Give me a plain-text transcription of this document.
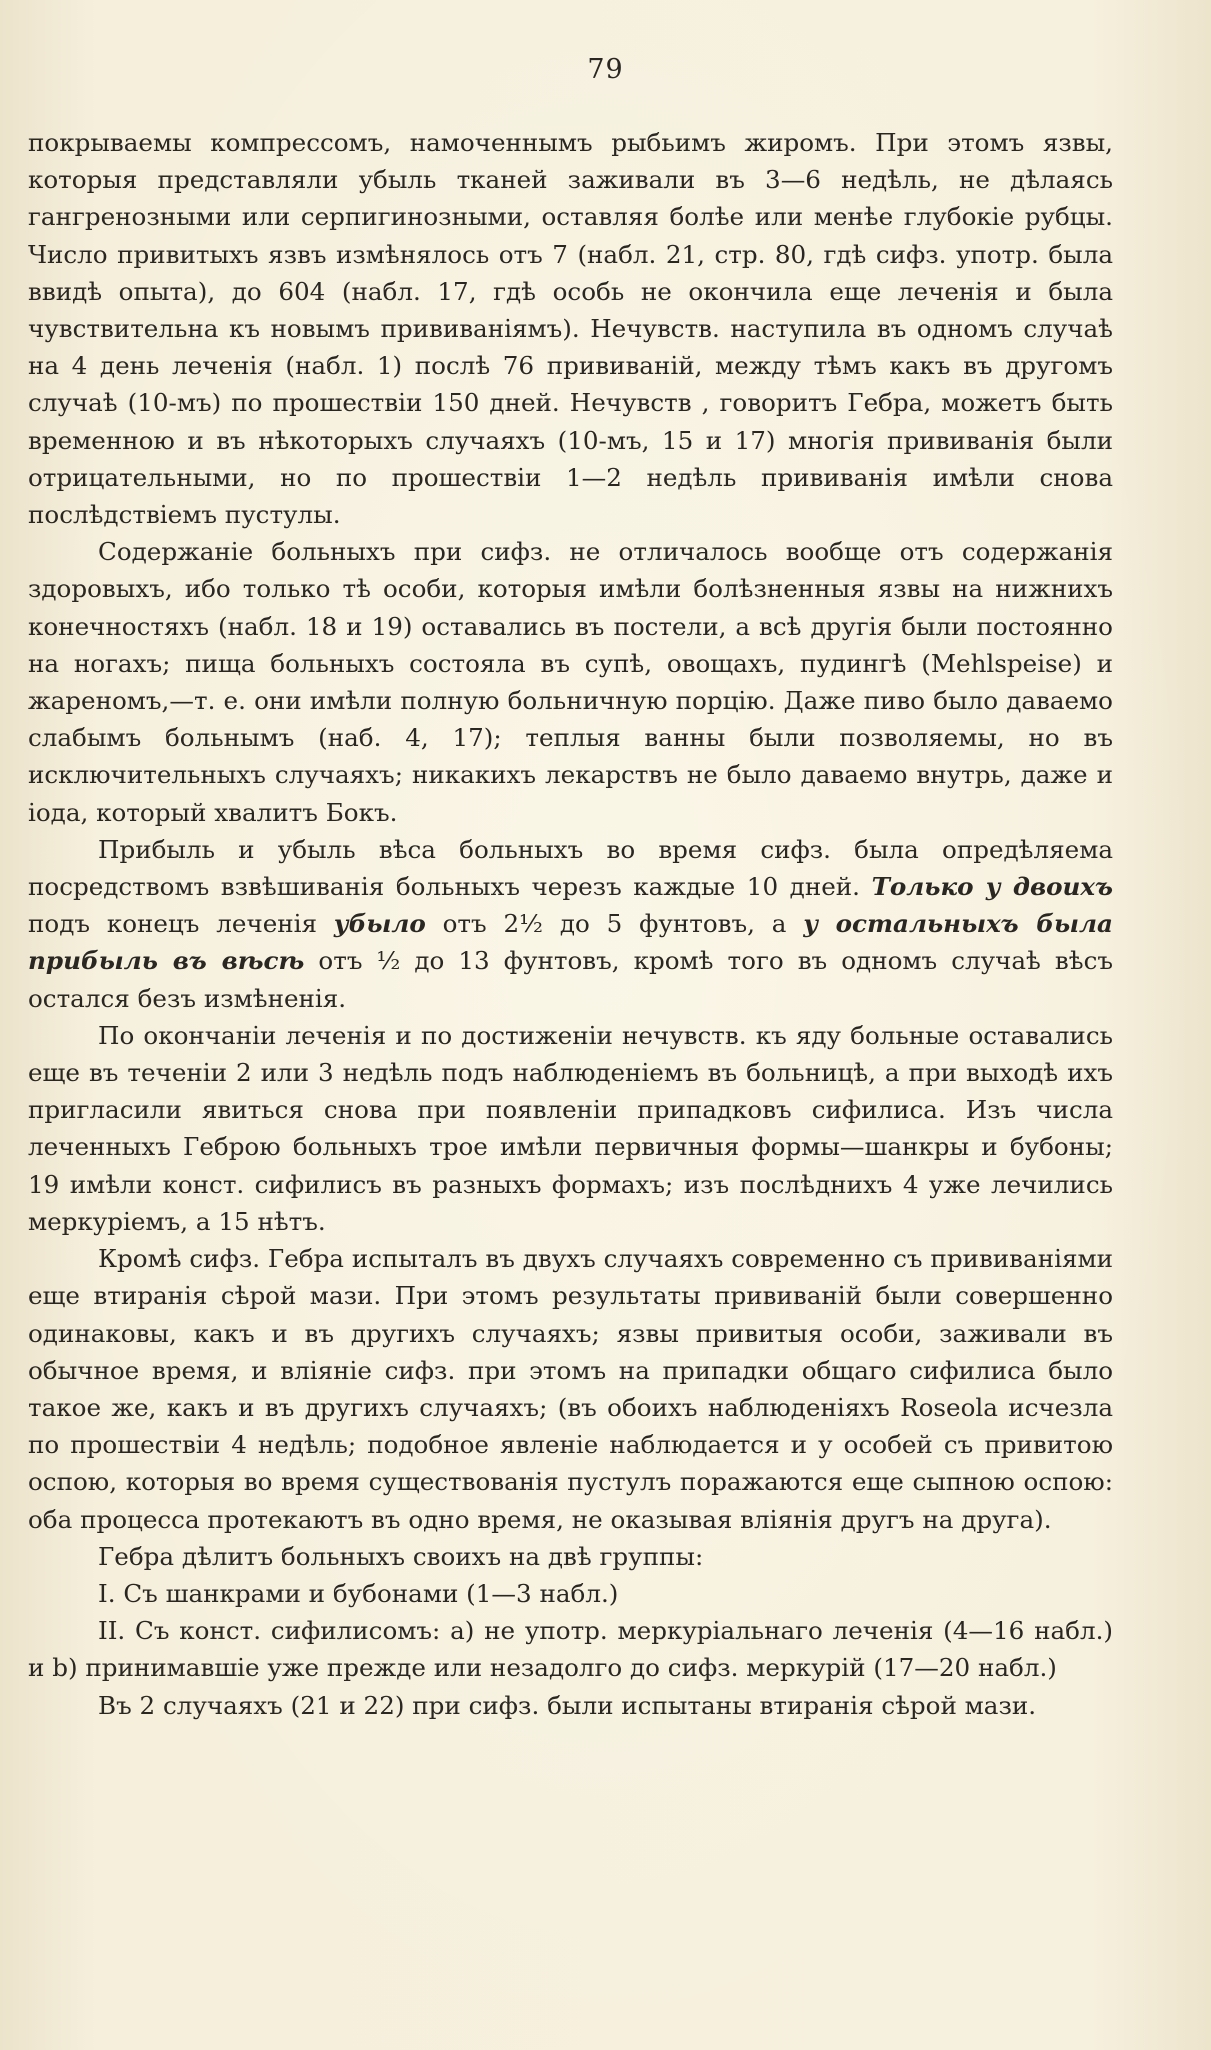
79

покрываемы компрессомъ, намоченнымъ рыбьимъ жиромъ. При этомъ язвы, которыя представляли убыль тканей заживали въ 3—6 недѣль, не дѣлаясь гангренозными или серпигинозными, оставляя болѣе или менѣе глубокіе рубцы. Число привитыхъ язвъ измѣнялось отъ 7 (набл. 21, стр. 80, гдѣ сифз. употр. была ввидѣ опыта), до 604 (набл. 17, гдѣ особь не окончила еще леченія и была чувствительна къ новымъ прививаніямъ). Нечувств. наступила въ одномъ случаѣ на 4 день леченія (набл. 1) послѣ 76 прививаній, между тѣмъ какъ въ другомъ случаѣ (10-мъ) по прошествіи 150 дней. Нечувств , говоритъ Гебра, можетъ быть временною и въ нѣкоторыхъ случаяхъ (10-мъ, 15 и 17) многія прививанія были отрицательными, но по прошествіи 1—2 недѣль прививанія имѣли снова послѣдствіемъ пустулы.

Содержаніе больныхъ при сифз. не отличалось вообще отъ содержанія здоровыхъ, ибо только тѣ особи, которыя имѣли болѣзненныя язвы на нижнихъ конечностяхъ (набл. 18 и 19) оставались въ постели, а всѣ другія были постоянно на ногахъ; пища больныхъ состояла въ супѣ, овощахъ, пудингѣ (Mehlspeise) и жареномъ,—т. е. они имѣли полную больничную порцію. Даже пиво было даваемо слабымъ больнымъ (наб. 4, 17); теплыя ванны были позволяемы, но въ исключительныхъ случаяхъ; никакихъ лекарствъ не было даваемо внутрь, даже и іода, который хвалитъ Бокъ.

Прибыль и убыль вѣса больныхъ во время сифз. была опредѣляема посредствомъ взвѣшиванія больныхъ черезъ каждые 10 дней. Только у двоихъ подъ конецъ леченія убыло отъ 2½ до 5 фунтовъ, а у остальныхъ была прибыль въ вѣсѣ отъ ½ до 13 фунтовъ, кромѣ того въ одномъ случаѣ вѣсъ остался безъ измѣненія.

По окончаніи леченія и по достиженіи нечувств. къ яду больные оставались еще въ теченіи 2 или 3 недѣль подъ наблюденіемъ въ больницѣ, а при выходѣ ихъ пригласили явиться снова при появленіи припадковъ сифилиса. Изъ числа леченныхъ Геброю больныхъ трое имѣли первичныя формы—шанкры и бубоны; 19 имѣли конст. сифилисъ въ разныхъ формахъ; изъ послѣднихъ 4 уже лечились меркуріемъ, а 15 нѣтъ.

Кромѣ сифз. Гебра испыталъ въ двухъ случаяхъ современно съ прививаніями еще втиранія сѣрой мази. При этомъ результаты прививаній были совершенно одинаковы, какъ и въ другихъ случаяхъ; язвы привитыя особи, заживали въ обычное время, и вліяніе сифз. при этомъ на припадки общаго сифилиса было такое же, какъ и въ другихъ случаяхъ; (въ обоихъ наблюденіяхъ Roseola исчезла по прошествіи 4 недѣль; подобное явленіе наблюдается и у особей съ привитою оспою, которыя во время существованія пустулъ поражаются еще сыпною оспою: оба процесса протекаютъ въ одно время, не оказывая вліянія другъ на друга).

Гебра дѣлитъ больныхъ своихъ на двѣ группы:

I. Съ шанкрами и бубонами (1—3 набл.)

II. Съ конст. сифилисомъ: a) не употр. меркуріальнаго леченія (4—16 набл.) и b) принимавшіе уже прежде или незадолго до сифз. меркурій (17—20 набл.)

Въ 2 случаяхъ (21 и 22) при сифз. были испытаны втиранія сѣрой мази.
